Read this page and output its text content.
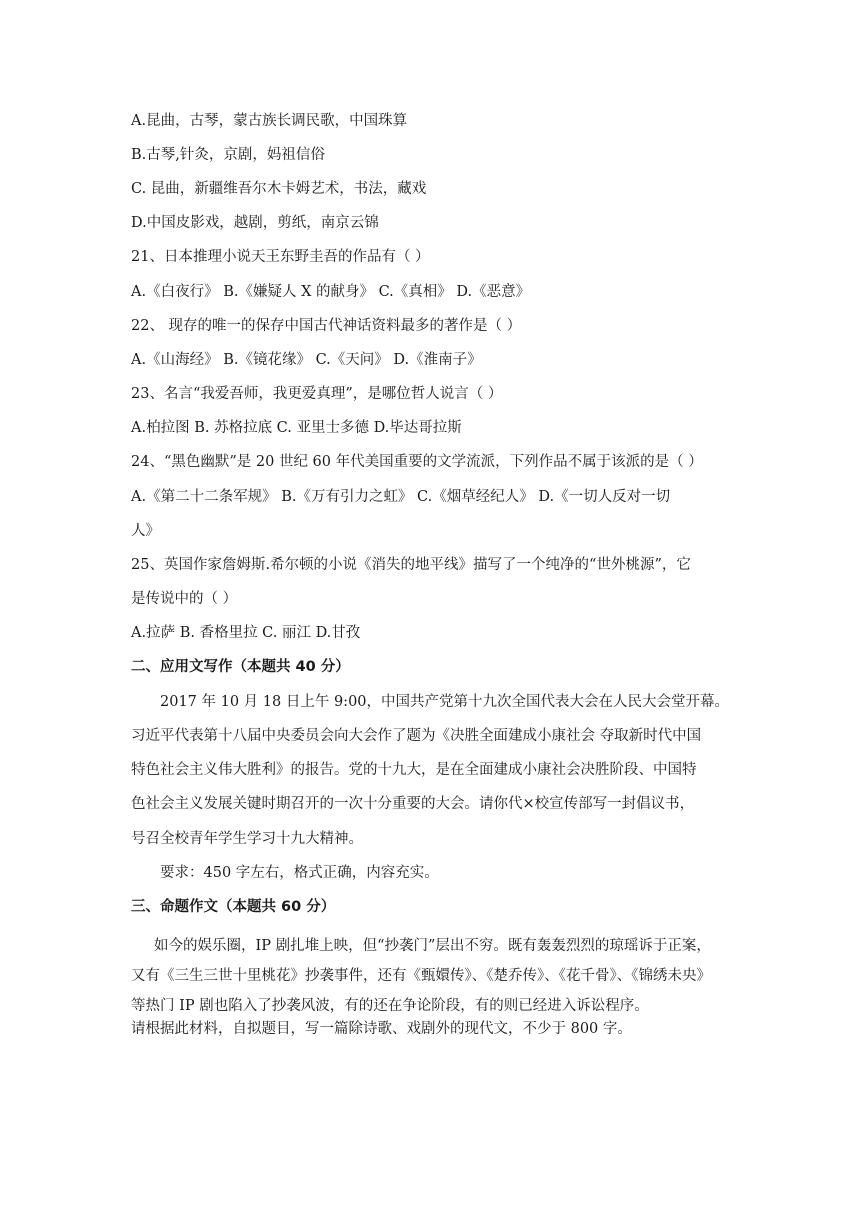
A.昆曲，古琴，蒙古族长调民歌，中国珠算
B.古琴,针灸，京剧，妈祖信俗
C. 昆曲，新疆维吾尔木卡姆艺术，书法，藏戏
D.中国皮影戏，越剧，剪纸，南京云锦
21、日本推理小说天王东野圭吾的作品有（ ）
A.《白夜行》 B.《嫌疑人 X 的献身》 C.《真相》 D.《恶意》
22、 现存的唯一的保存中国古代神话资料最多的著作是（ ）
A.《山海经》 B.《镜花缘》 C.《天问》 D.《淮南子》
23、名言“我爱吾师，我更爱真理”，是哪位哲人说言（ ）
A.柏拉图 B. 苏格拉底 C. 亚里士多德 D.毕达哥拉斯
24、“黑色幽默”是 20 世纪 60 年代美国重要的文学流派，下列作品不属于该派的是（ ）
A.《第二十二条军规》 B.《万有引力之虹》 C.《烟草经纪人》 D.《一切人反对一切
人》
25、英国作家詹姆斯.希尔顿的小说《消失的地平线》描写了一个纯净的“世外桃源”，它
是传说中的（ ）
A.拉萨 B. 香格里拉 C. 丽江 D.甘孜
二、应用文写作（本题共 40 分）
2017 年 10 月 18 日上午 9:00，中国共产党第十九次全国代表大会在人民大会堂开幕。
习近平代表第十八届中央委员会向大会作了题为《决胜全面建成小康社会 夺取新时代中国
特色社会主义伟大胜利》的报告。党的十九大，是在全面建成小康社会决胜阶段、中国特
色社会主义发展关键时期召开的一次十分重要的大会。请你代×校宣传部写一封倡议书，
号召全校青年学生学习十九大精神。
要求：450 字左右，格式正确，内容充实。
三、命题作文（本题共 60 分）
如今的娱乐圈，IP 剧扎堆上映，但“抄袭门”层出不穷。既有轰轰烈烈的琼瑶诉于正案，
又有《三生三世十里桃花》抄袭事件，还有《甄嬛传》、《楚乔传》、《花千骨》、《锦绣未央》
等热门 IP 剧也陷入了抄袭风波，有的还在争论阶段，有的则已经进入诉讼程序。
请根据此材料，自拟题目，写一篇除诗歌、戏剧外的现代文，不少于 800 字。
